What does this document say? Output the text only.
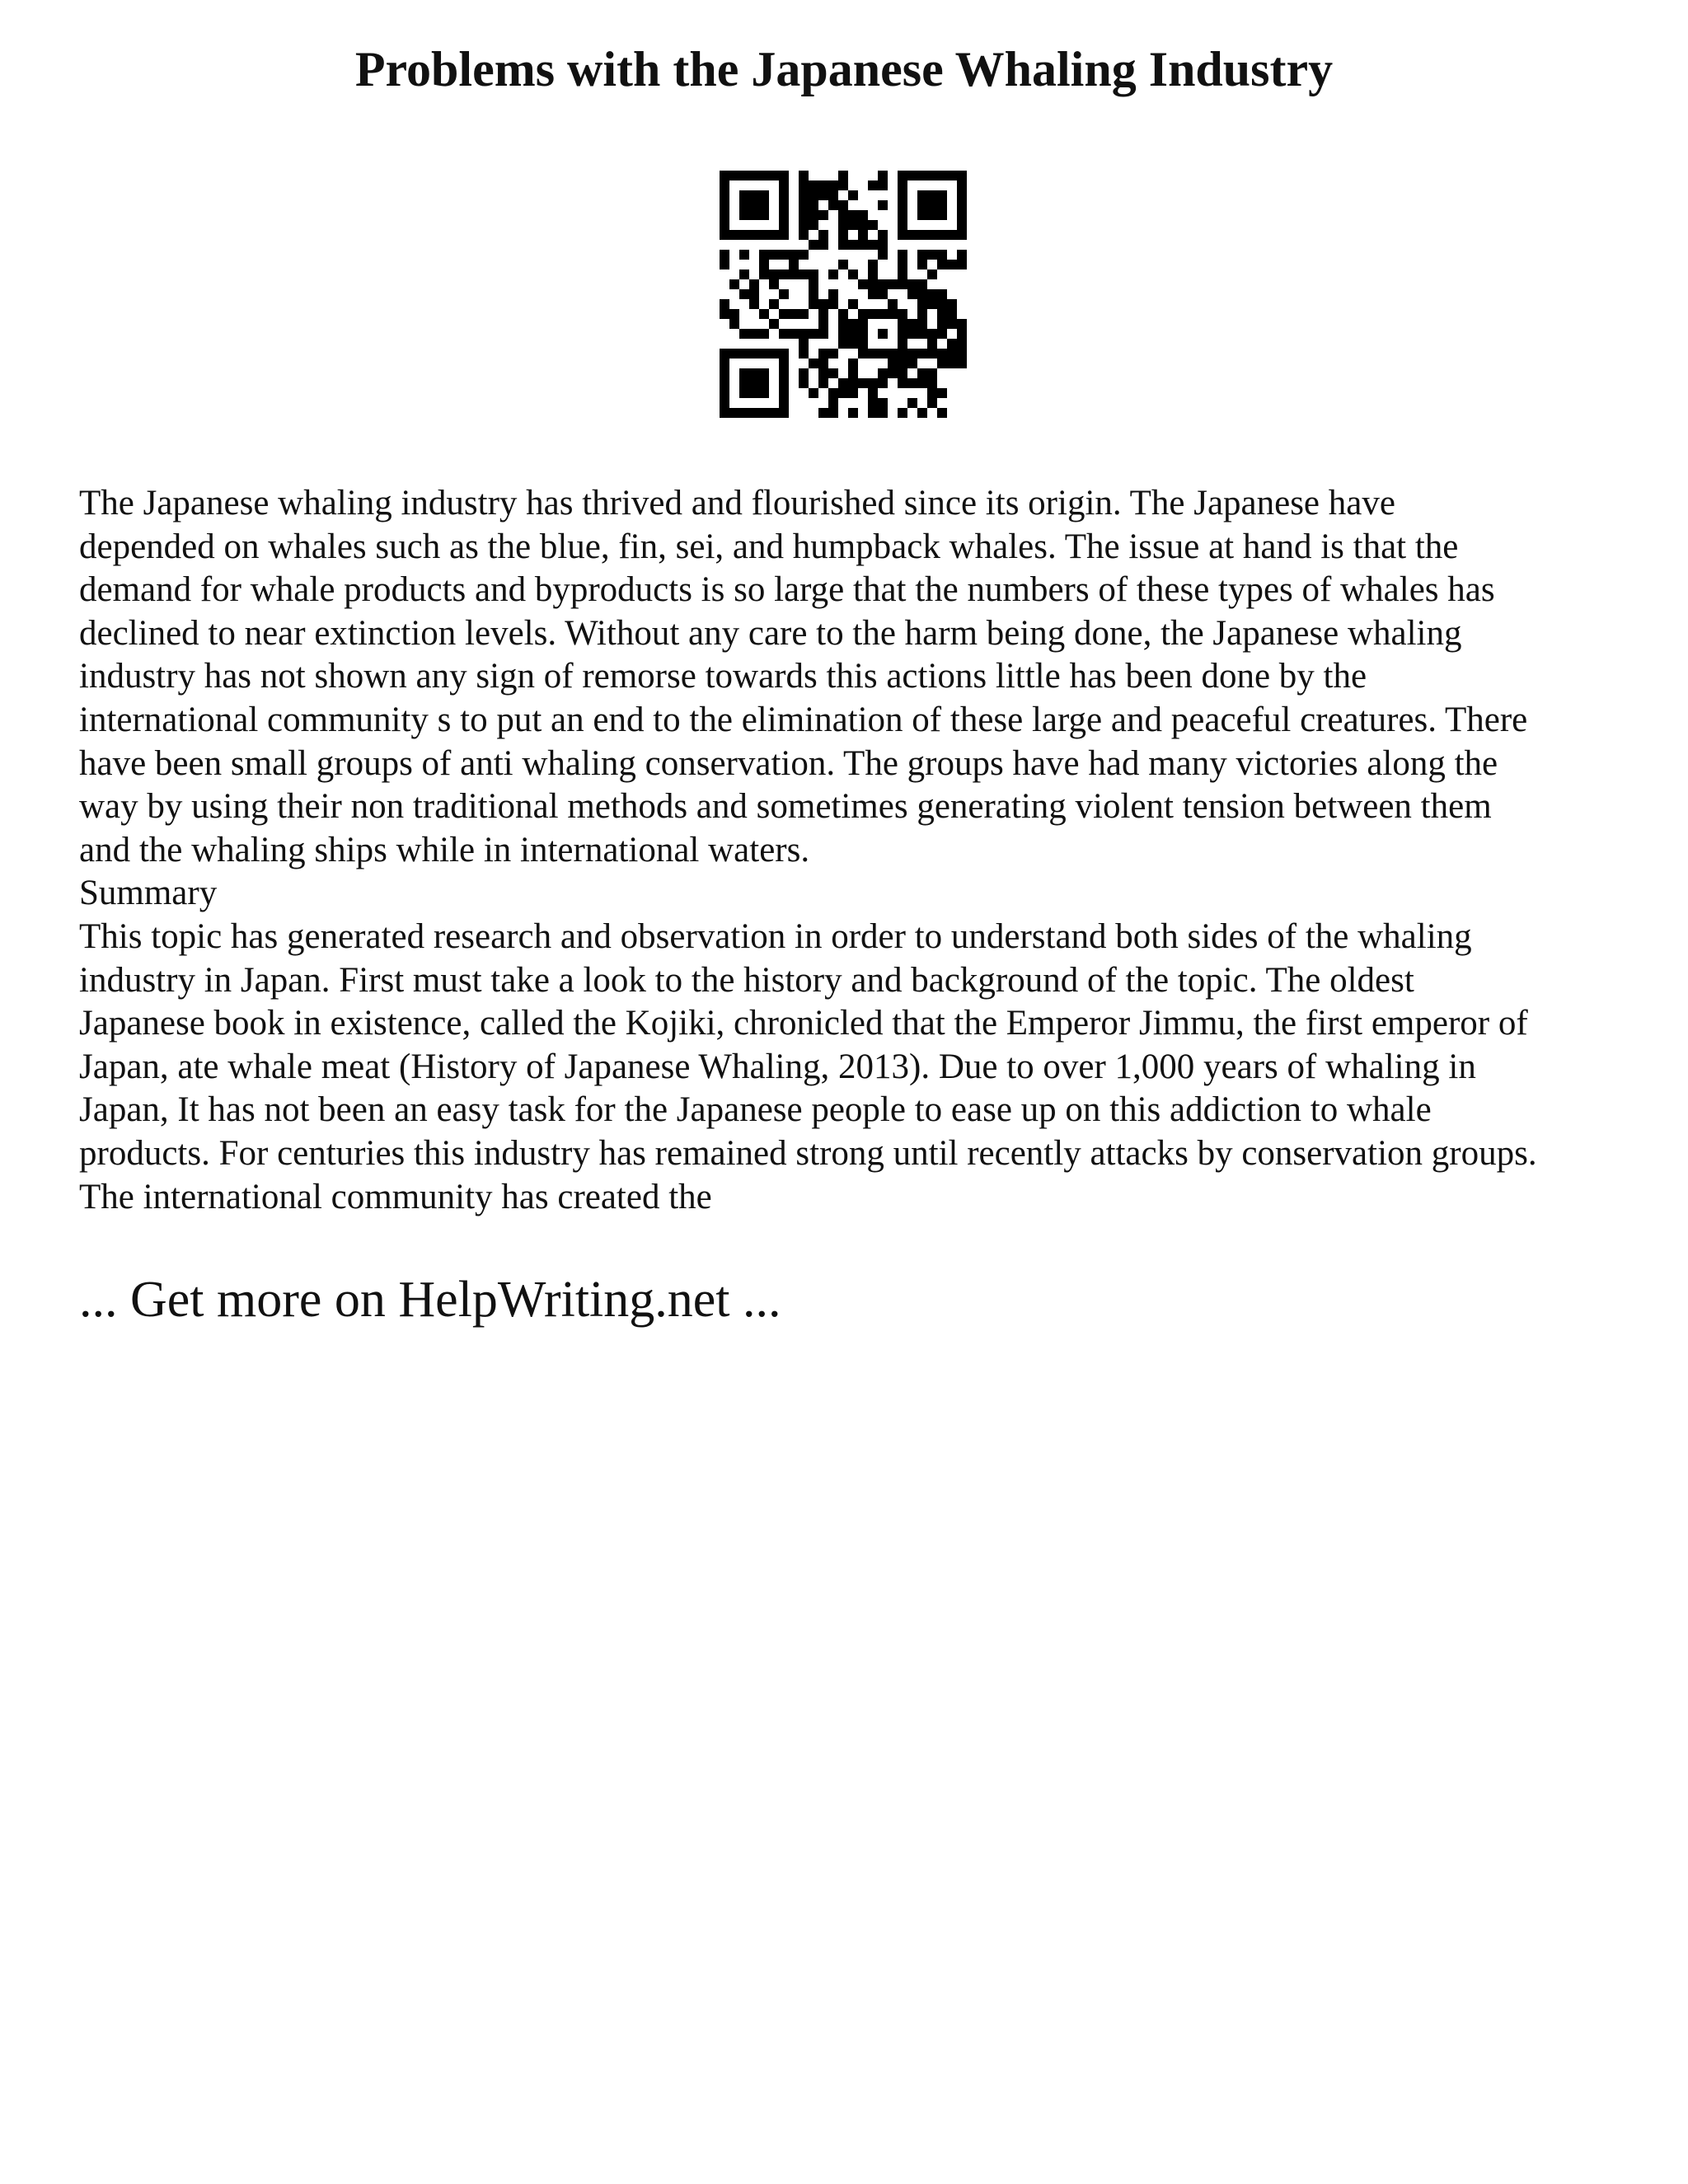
Problems with the Japanese Whaling Industry
The Japanese whaling industry has thrived and flourished since its origin. The Japanese have
depended on whales such as the blue, fin, sei, and humpback whales. The issue at hand is that the
demand for whale products and byproducts is so large that the numbers of these types of whales has
declined to near extinction levels. Without any care to the harm being done, the Japanese whaling
industry has not shown any sign of remorse towards this actions little has been done by the
international community s to put an end to the elimination of these large and peaceful creatures. There
have been small groups of anti whaling conservation. The groups have had many victories along the
way by using their non traditional methods and sometimes generating violent tension between them
and the whaling ships while in international waters.
Summary
This topic has generated research and observation in order to understand both sides of the whaling
industry in Japan. First must take a look to the history and background of the topic. The oldest
Japanese book in existence, called the Kojiki, chronicled that the Emperor Jimmu, the first emperor of
Japan, ate whale meat (History of Japanese Whaling, 2013). Due to over 1,000 years of whaling in
Japan, It has not been an easy task for the Japanese people to ease up on this addiction to whale
products. For centuries this industry has remained strong until recently attacks by conservation groups.
The international community has created the

... Get more on HelpWriting.net ...
